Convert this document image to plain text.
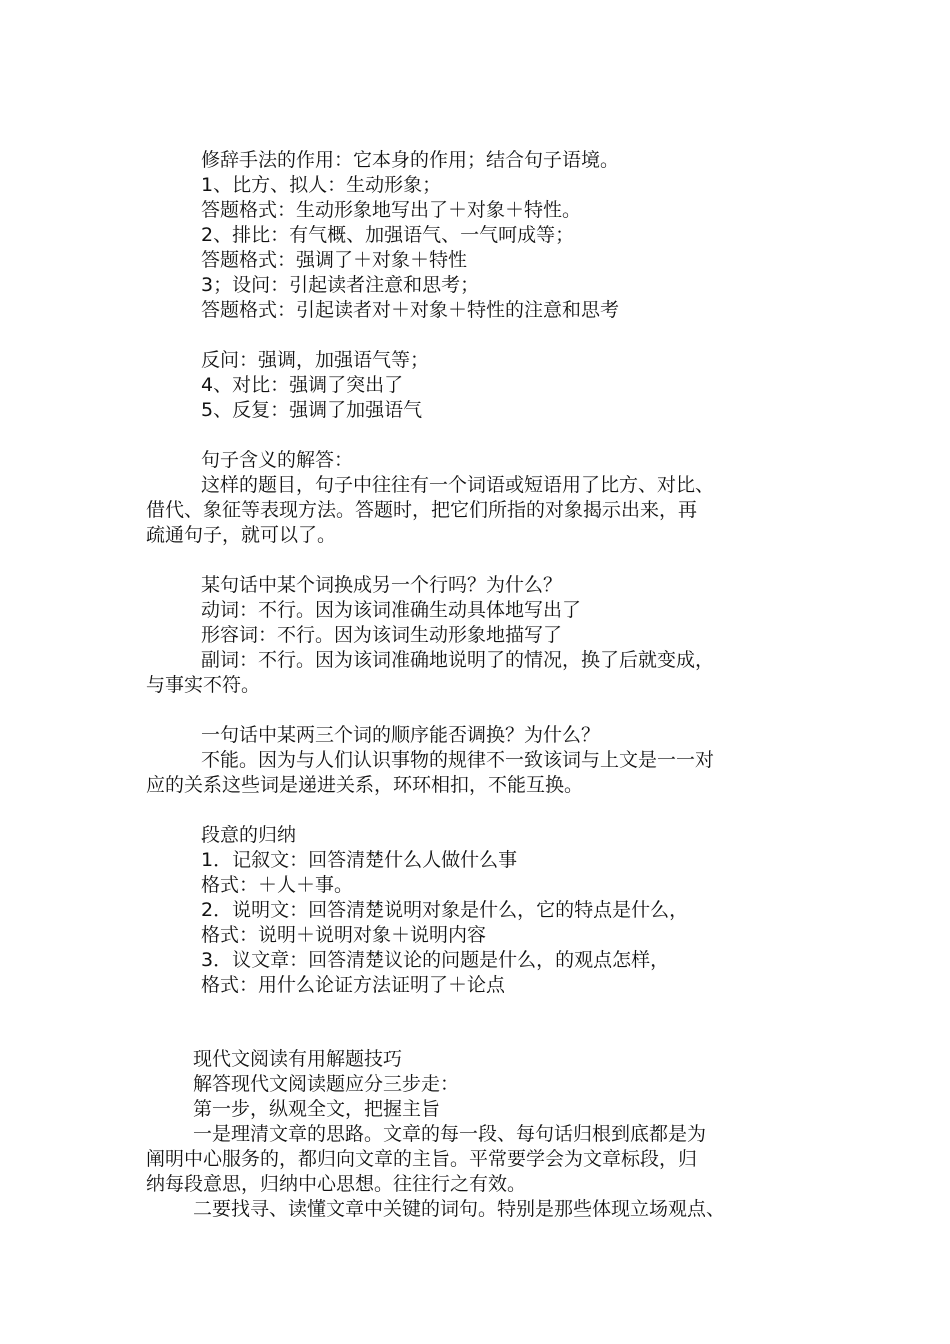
修辞手法的作用：它本身的作用；结合句子语境。
1、比方、拟人：生动形象；
答题格式：生动形象地写出了＋对象＋特性。
2、排比：有气概、加强语气、一气呵成等；
答题格式：强调了＋对象＋特性
3；设问：引起读者注意和思考；
答题格式：引起读者对＋对象＋特性的注意和思考
反问：强调，加强语气等；
4、对比：强调了突出了
5、反复：强调了加强语气
句子含义的解答：
这样的题目，句子中往往有一个词语或短语用了比方、对比、
借代、象征等表现方法。答题时，把它们所指的对象揭示出来，再
疏通句子，就可以了。
某句话中某个词换成另一个行吗？为什么？
动词：不行。因为该词准确生动具体地写出了
形容词：不行。因为该词生动形象地描写了
副词：不行。因为该词准确地说明了的情况，换了后就变成，
与事实不符。
一句话中某两三个词的顺序能否调换？为什么？
不能。因为与人们认识事物的规律不一致该词与上文是一一对
应的关系这些词是递进关系，环环相扣，不能互换。
段意的归纳
1．记叙文：回答清楚什么人做什么事
格式：＋人＋事。
2．说明文：回答清楚说明对象是什么，它的特点是什么，
格式：说明＋说明对象＋说明内容
3．议文章：回答清楚议论的问题是什么，的观点怎样，
格式：用什么论证方法证明了＋论点
现代文阅读有用解题技巧
解答现代文阅读题应分三步走：
第一步，纵观全文，把握主旨
一是理清文章的思路。文章的每一段、每句话归根到底都是为
阐明中心服务的，都归向文章的主旨。平常要学会为文章标段，归
纳每段意思，归纳中心思想。往往行之有效。
二要找寻、读懂文章中关键的词句。特别是那些体现立场观点、
